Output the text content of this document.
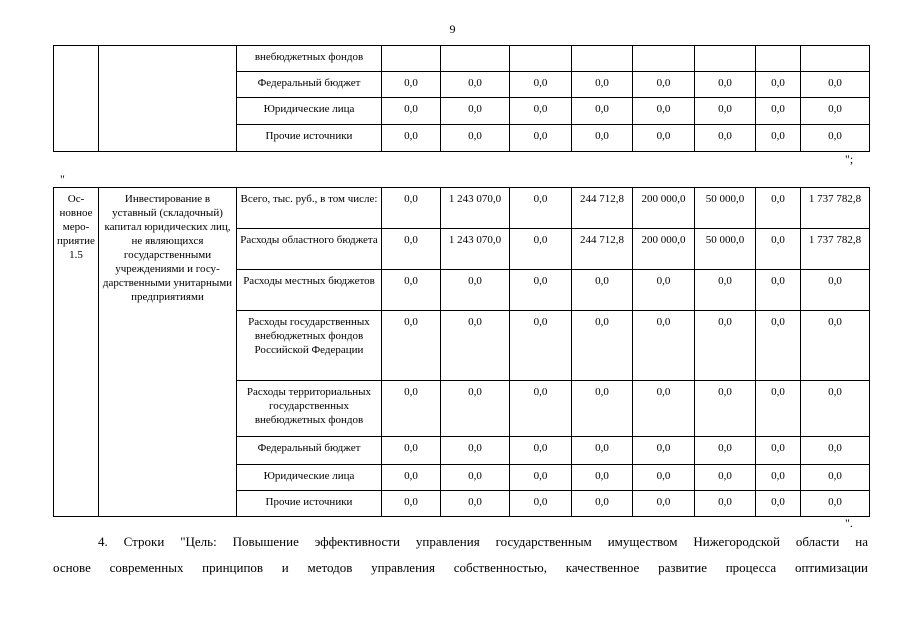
9
		внебюджетных фондов								
		Федеральный бюджет	0,0	0,0	0,0	0,0	0,0	0,0	0,0	0,0
		Юридические лица	0,0	0,0	0,0	0,0	0,0	0,0	0,0	0,0
		Прочие источники	0,0	0,0	0,0	0,0	0,0	0,0	0,0	0,0
";
"
Основное мероприятие 1.5	Инвестирование в уставный (складочный) капитал юридических лиц, не являющихся государственными учреждениями и государственными унитарными предприятиями	Всего, тыс. руб., в том числе:	0,0	1 243 070,0	0,0	244 712,8	200 000,0	50 000,0	0,0	1 737 782,8
		Расходы областного бюджета	0,0	1 243 070,0	0,0	244 712,8	200 000,0	50 000,0	0,0	1 737 782,8
		Расходы местных бюджетов	0,0	0,0	0,0	0,0	0,0	0,0	0,0	0,0
		Расходы государственных внебюджетных фондов Российской Федерации	0,0	0,0	0,0	0,0	0,0	0,0	0,0	0,0
		Расходы территориальных государственных внебюджетных фондов	0,0	0,0	0,0	0,0	0,0	0,0	0,0	0,0
		Федеральный бюджет	0,0	0,0	0,0	0,0	0,0	0,0	0,0	0,0
		Юридические лица	0,0	0,0	0,0	0,0	0,0	0,0	0,0	0,0
		Прочие источники	0,0	0,0	0,0	0,0	0,0	0,0	0,0	0,0
".
4. Строки "Цель: Повышение эффективности управления государственным имуществом Нижегородской области на
основе современных принципов и методов управления собственностью, качественное развитие процесса оптимизации
